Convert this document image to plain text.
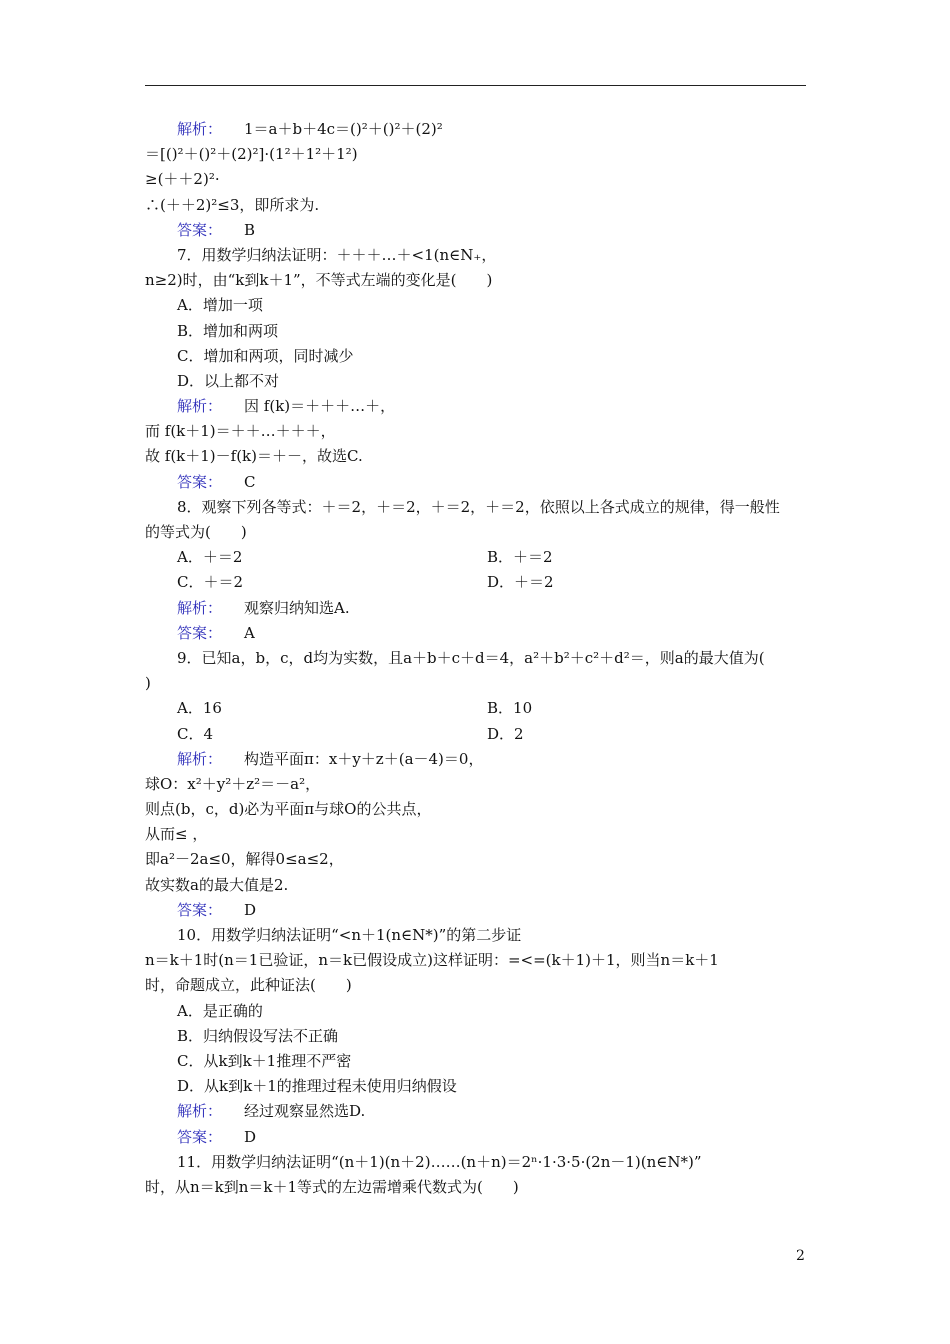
解析： 1＝a＋b＋4c＝()²＋()²＋(2)²
＝[()²＋()²＋(2)²]·(1²＋1²＋1²)
≥(＋＋2)²·
∴(＋＋2)²≤3，即所求为.
答案： B
7．用数学归纳法证明：＋＋＋…＋<1(n∈N₊，
n≥2)时，由“k到k＋1”，不等式左端的变化是(　　)
A．增加一项
B．增加和两项
C．增加和两项，同时减少
D．以上都不对
解析： 因 f(k)＝＋＋＋…＋，
而 f(k＋1)＝＋＋…＋＋＋，
故 f(k＋1)－f(k)＝＋－，故选C.
答案： C
8．观察下列各等式：＋＝2，＋＝2，＋＝2，＋＝2，依照以上各式成立的规律，得一般性
的等式为(　　)
A．＋＝2	B．＋＝2
C．＋＝2	D．＋＝2
解析： 观察归纳知选A.
答案： A
9．已知a，b，c，d均为实数，且a＋b＋c＋d＝4，a²＋b²＋c²＋d²＝，则a的最大值为(
)
A．16	B．10
C．4	D．2
解析： 构造平面π：x＋y＋z＋(a－4)＝0，
球O：x²＋y²＋z²＝－a²，
则点(b，c，d)必为平面π与球O的公共点，
从而≤ ，
即a²－2a≤0，解得0≤a≤2，
故实数a的最大值是2.
答案： D
10．用数学归纳法证明“<n＋1(n∈N*)”的第二步证
n＝k＋1时(n＝1已验证，n＝k已假设成立)这样证明：=<=(k＋1)＋1，则当n＝k＋1
时，命题成立，此种证法(　　)
A．是正确的
B．归纳假设写法不正确
C．从k到k＋1推理不严密
D．从k到k＋1的推理过程未使用归纳假设
解析： 经过观察显然选D.
答案： D
11．用数学归纳法证明“(n＋1)(n＋2)……(n＋n)＝2ⁿ·1·3·5·(2n－1)(n∈N*)”
时，从n＝k到n＝k＋1等式的左边需增乘代数式为(　　)
2
